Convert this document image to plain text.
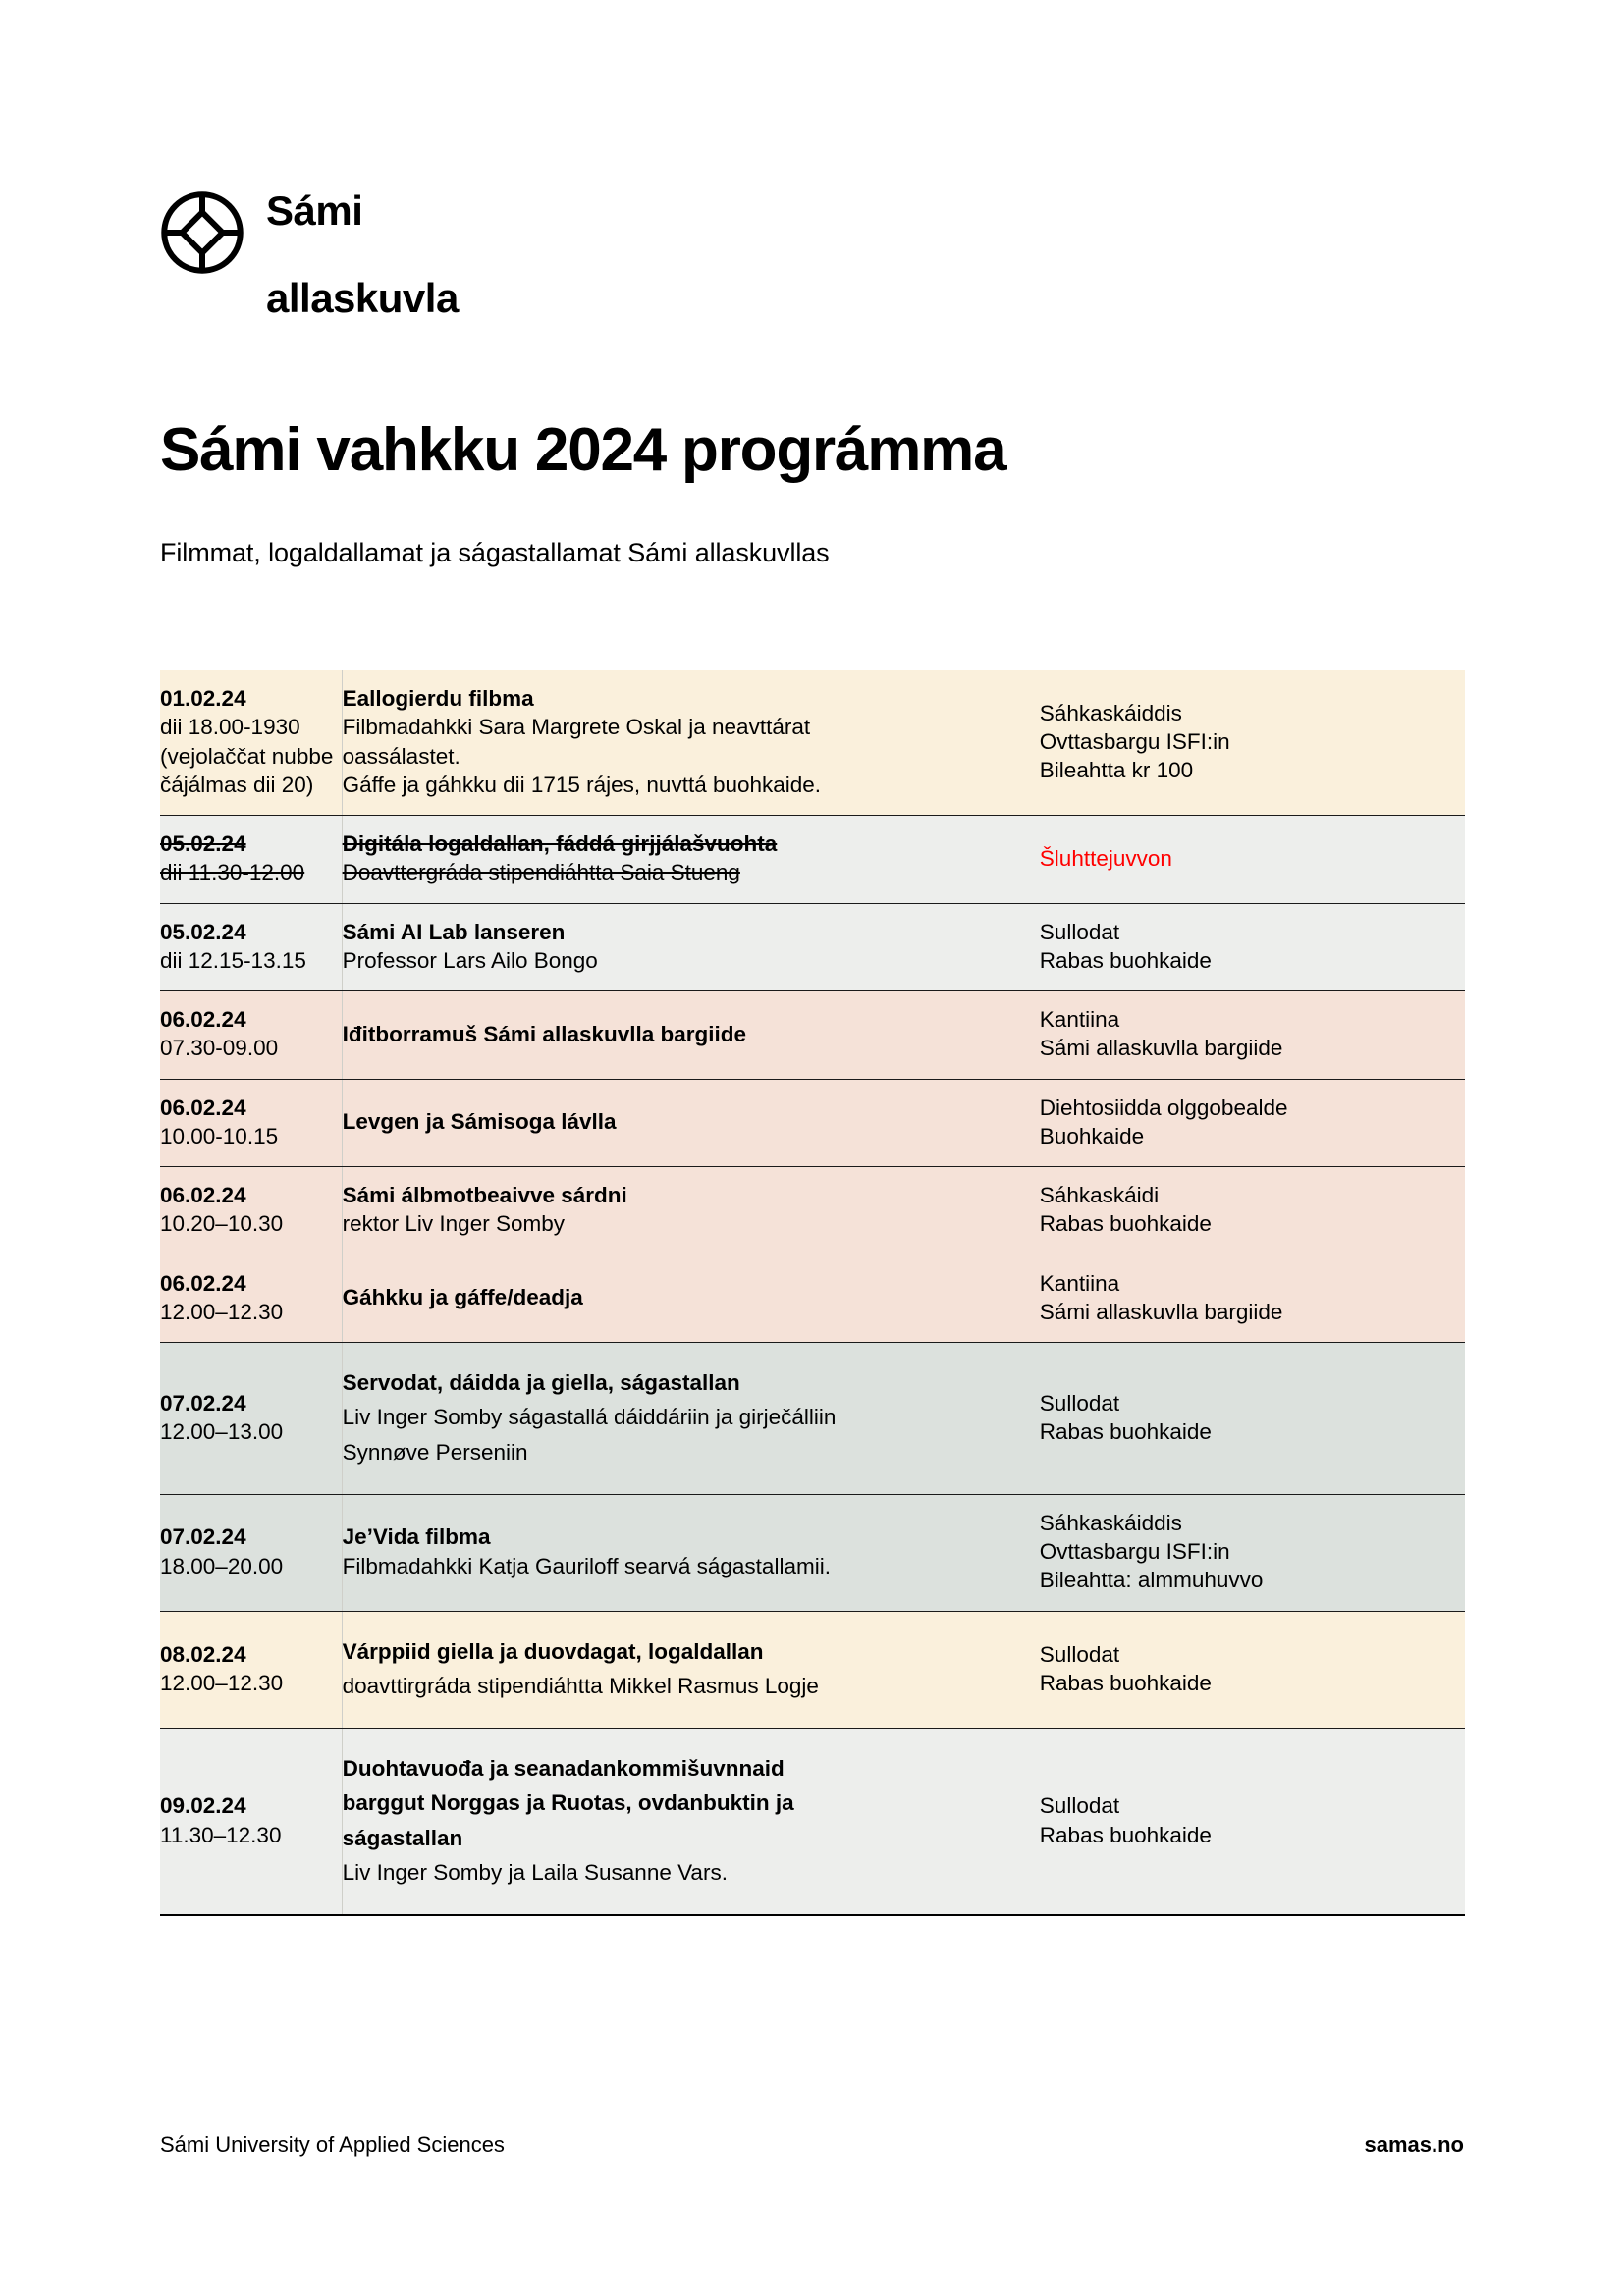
Sámi

allaskuvla

Sámi vahkku 2024 prográmma

Filmmat, logaldallamat ja ságastallamat Sámi allaskuvllas

01.02.24
dii 18.00-1930
(vejolaččat nubbe
čájálmas dii 20)	Eallogierdu filbma
Filbmadahkki Sara Margrete Oskal ja neavttárat
oassálastet.
Gáffe ja gáhkku dii 1715 rájes, nuvttá buohkaide.	Sáhkaskáiddis
Ovttasbargu ISFI:in
Bileahtta kr 100

05.02.24
dii 11.30-12.00	Digitála logaldallan, fáddá girjjálašvuohta
Doavttergráda stipendiáhtta Saia Stueng	Šluhttejuvvon

05.02.24
dii 12.15-13.15	Sámi AI Lab lanseren
Professor Lars Ailo Bongo	Sullodat
Rabas buohkaide

06.02.24
07.30-09.00	Iđitborramuš Sámi allaskuvlla bargiide	Kantiina
Sámi allaskuvlla bargiide

06.02.24
10.00-10.15	Levgen ja Sámisoga lávlla	Diehtosiidda olggobealde
Buohkaide

06.02.24
10.20–10.30	Sámi álbmotbeaivve sárdni
rektor Liv Inger Somby	Sáhkaskáidi
Rabas buohkaide

06.02.24
12.00–12.30	Gáhkku ja gáffe/deadja	Kantiina
Sámi allaskuvlla bargiide

07.02.24
12.00–13.00	Servodat, dáidda ja giella, ságastallan
Liv Inger Somby ságastallá dáiddáriin ja girječálliin
Synnøve Perseniin	Sullodat
Rabas buohkaide

07.02.24
18.00–20.00	Je’Vida filbma
Filbmadahkki Katja Gauriloff searvá ságastallamii.	Sáhkaskáiddis
Ovttasbargu ISFI:in
Bileahtta: almmuhuvvo

08.02.24
12.00–12.30	Várppiid giella ja duovdagat, logaldallan
doavttirgráda stipendiáhtta Mikkel Rasmus Logje	Sullodat
Rabas buohkaide

09.02.24
11.30–12.30	Duohtavuođa ja seanadankommišuvnnaid
barggut Norggas ja Ruotas, ovdanbuktin ja
ságastallan
Liv Inger Somby ja Laila Susanne Vars.	Sullodat
Rabas buohkaide
Sámi University of Applied Sciences	samas.no
